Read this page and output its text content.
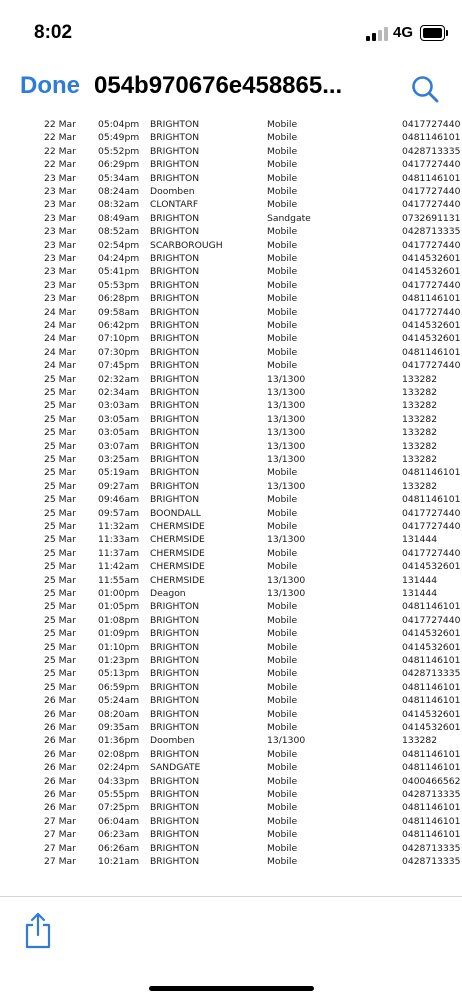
8:02	4G
Done 054b970676e458865...
22 Mar 05:04pm BRIGHTON	Mobile	0417727440
22 Mar 05:49pm BRIGHTON	Mobile	0481146101
22 Mar 05:52pm BRIGHTON	Mobile	0428713335
22 Mar 06:29pm BRIGHTON	Mobile	0417727440
23 Mar 05:34am BRIGHTON	Mobile	0481146101
23 Mar 08:24am Doomben	Mobile	0417727440
23 Mar 08:32am CLONTARF	Mobile	0417727440
23 Mar 08:49am BRIGHTON	Sandgate	0732691131
23 Mar 08:52am BRIGHTON	Mobile	0428713335
23 Mar 02:54pm SCARBOROUGH	Mobile	0417727440
23 Mar 04:24pm BRIGHTON	Mobile	0414532601
23 Mar 05:41pm BRIGHTON	Mobile	0414532601
23 Mar 05:53pm BRIGHTON	Mobile	0417727440
23 Mar 06:28pm BRIGHTON	Mobile	0481146101
24 Mar 09:58am BRIGHTON	Mobile	0417727440
24 Mar 06:42pm BRIGHTON	Mobile	0414532601
24 Mar 07:10pm BRIGHTON	Mobile	0414532601
24 Mar 07:30pm BRIGHTON	Mobile	0481146101
24 Mar 07:45pm BRIGHTON	Mobile	0417727440
25 Mar 02:32am BRIGHTON	13/1300	133282
25 Mar 02:34am BRIGHTON	13/1300	133282
25 Mar 03:03am BRIGHTON	13/1300	133282
25 Mar 03:05am BRIGHTON	13/1300	133282
25 Mar 03:05am BRIGHTON	13/1300	133282
25 Mar 03:07am BRIGHTON	13/1300	133282
25 Mar 03:25am BRIGHTON	13/1300	133282
25 Mar 05:19am BRIGHTON	Mobile	0481146101
25 Mar 09:27am BRIGHTON	13/1300	133282
25 Mar 09:46am BRIGHTON	Mobile	0481146101
25 Mar 09:57am BOONDALL	Mobile	0417727440
25 Mar 11:32am CHERMSIDE	Mobile	0417727440
25 Mar 11:33am CHERMSIDE	13/1300	131444
25 Mar 11:37am CHERMSIDE	Mobile	0417727440
25 Mar 11:42am CHERMSIDE	Mobile	0414532601
25 Mar 11:55am CHERMSIDE	13/1300	131444
25 Mar 01:00pm Deagon	13/1300	131444
25 Mar 01:05pm BRIGHTON	Mobile	0481146101
25 Mar 01:08pm BRIGHTON	Mobile	0417727440
25 Mar 01:09pm BRIGHTON	Mobile	0414532601
25 Mar 01:10pm BRIGHTON	Mobile	0414532601
25 Mar 01:23pm BRIGHTON	Mobile	0481146101
25 Mar 05:13pm BRIGHTON	Mobile	0428713335
25 Mar 06:59pm BRIGHTON	Mobile	0481146101
26 Mar 05:24am BRIGHTON	Mobile	0481146101
26 Mar 08:20am BRIGHTON	Mobile	0414532601
26 Mar 09:35am BRIGHTON	Mobile	0414532601
26 Mar 01:36pm Doomben	13/1300	133282
26 Mar 02:08pm BRIGHTON	Mobile	0481146101
26 Mar 02:24pm SANDGATE	Mobile	0481146101
26 Mar 04:33pm BRIGHTON	Mobile	0400466562
26 Mar 05:55pm BRIGHTON	Mobile	0428713335
26 Mar 07:25pm BRIGHTON	Mobile	0481146101
27 Mar 06:04am BRIGHTON	Mobile	0481146101
27 Mar 06:23am BRIGHTON	Mobile	0481146101
27 Mar 06:26am BRIGHTON	Mobile	0428713335
27 Mar 10:21am BRIGHTON	Mobile	0428713335
